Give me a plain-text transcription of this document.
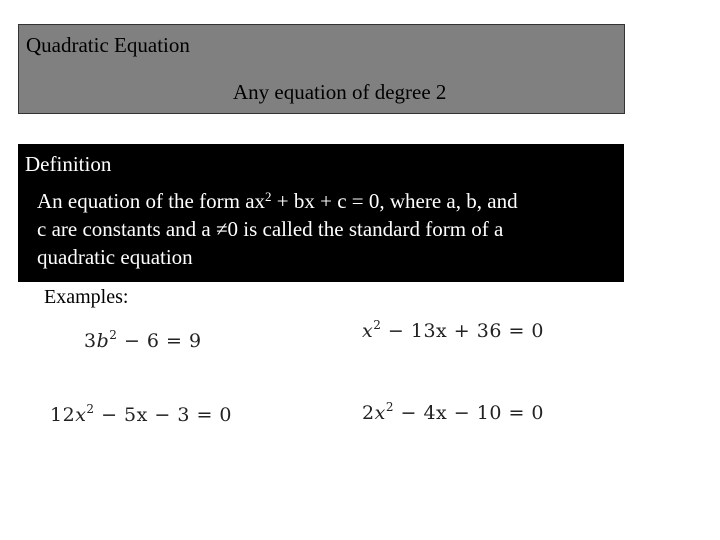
Quadratic Equation
Any equation of degree 2
Definition
An equation of the form $ax^2$ + bx + c = 0, where a, b, and
c are constants and a ≠0 is called the standard form of a
quadratic equation
Examples:
$3b^2 - 6 = 9$	$x^2 - 13x + 36 = 0$
$12x^2 - 5x - 3 = 0$	$2x^2 - 4x - 10 = 0$
